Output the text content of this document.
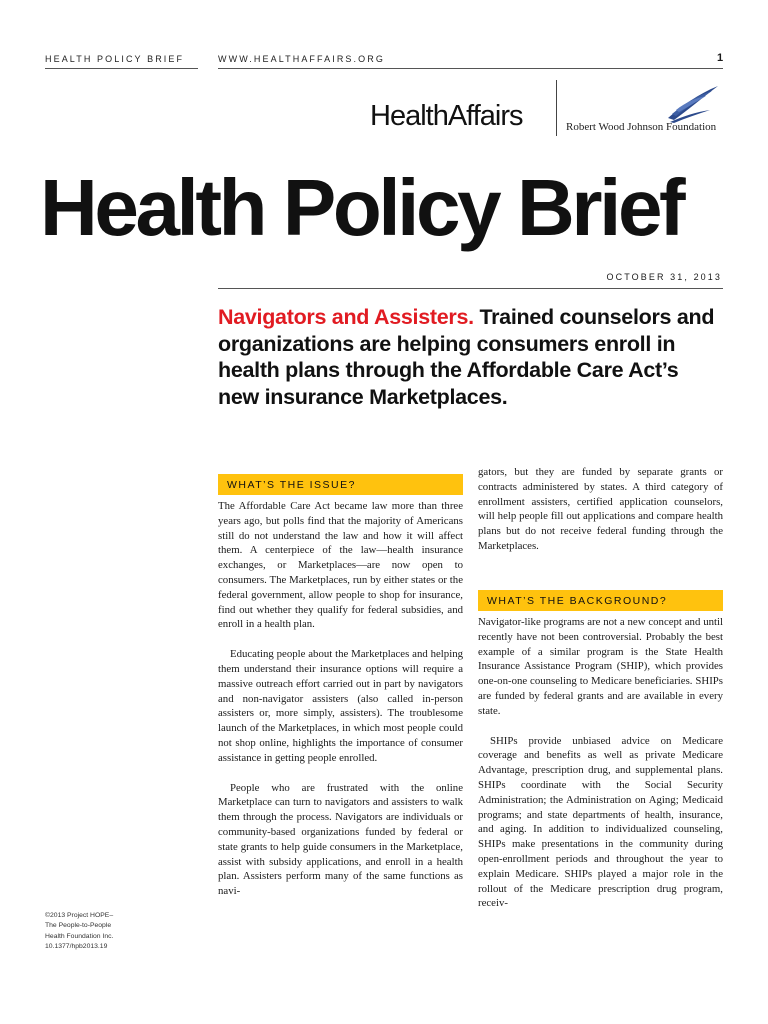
HEALTH POLICY BRIEF	WWW.HEALTHAFFAIRS.ORG	1
HealthAffairs	Robert Wood Johnson Foundation
Health Policy Brief
OCTOBER 31, 2013
Navigators and Assisters. Trained counselors and organizations are helping consumers enroll in health plans through the Affordable Care Act’s new insurance Marketplaces.
WHAT’S THE ISSUE?

The Affordable Care Act became law more than three years ago, but polls find that the majority of Americans still do not understand the law and how it will affect them. A centerpiece of the law—health insurance exchanges, or Marketplaces—are now open to consumers. The Marketplaces, run by either states or the federal government, allow people to shop for insurance, find out whether they qualify for federal subsidies, and enroll in a health plan.

Educating people about the Marketplaces and helping them understand their insurance options will require a massive outreach effort carried out in part by navigators and non-navigator assisters (also called in-person assisters or, more simply, assisters). The troublesome launch of the Marketplaces, in which most people could not shop online, highlights the importance of consumer assistance in getting people enrolled.

People who are frustrated with the online Marketplace can turn to navigators and assisters to walk them through the process. Navigators are individuals or community-based organizations funded by federal or state grants to help guide consumers in the Marketplace, assist with subsidy applications, and enroll in a health plan. Assisters perform many of the same functions as navi-

gators, but they are funded by separate grants or contracts administered by states. A third category of enrollment assisters, certified application counselors, will help people fill out applications and compare health plans but do not receive federal funding through the Marketplaces.

WHAT’S THE BACKGROUND?

Navigator-like programs are not a new concept and until recently have not been controversial. Probably the best example of a similar program is the State Health Insurance Assistance Program (SHIP), which provides one-on-one counseling to Medicare beneficiaries. SHIPs are funded by federal grants and are available in every state.

SHIPs provide unbiased advice on Medicare coverage and benefits as well as private Medicare Advantage, prescription drug, and supplemental plans. SHIPs coordinate with the Social Security Administration; the Administration on Aging; Medicaid programs; and state departments of health, insurance, and aging. In addition to individualized counseling, SHIPs make presentations in the community during open-enrollment periods and throughout the year to explain Medicare. SHIPs played a major role in the rollout of the Medicare prescription drug program, receiv-

©2013 Project HOPE–
The People-to-People
Health Foundation Inc.
10.1377/hpb2013.19
